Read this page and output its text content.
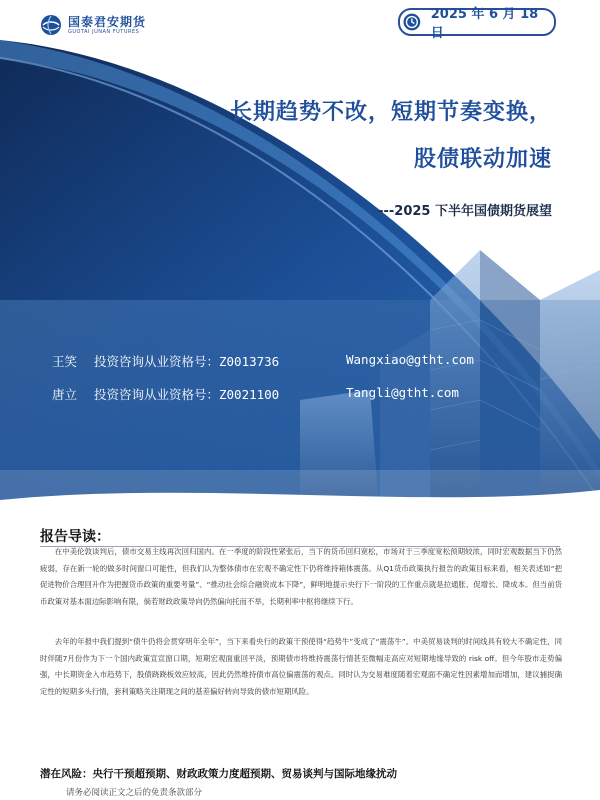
国泰君安期货
GUOTAI JUNAN FUTURES
2025 年 6 月 18 日
长期趋势不改，短期节奏变换，
股债联动加速
---2025 下半年国债期货展望
王笑 投资咨询从业资格号：Z0013736	Wangxiao@gtht.com
唐立 投资咨询从业资格号：Z0021100	Tangli@gtht.com
报告导读：

在中美伦敦谈判后，债市交易主线再次回归国内。在一季度的阶段性紧张后，当下的货币回归宽松，市场对于三季度宽松预期较浓，同时宏观数据当下仍然疲弱，存在新一轮的做多时间窗口可能性，但我们认为整体债市在宏观不确定性下仍将维持箱体震荡。从Q1货币政策执行报告的政策目标来看，相关表述如“把促进物价合理回升作为把握货币政策的重要考量”、“推动社会综合融资成本下降”，鲜明地提示央行下一阶段的工作重点就是拉通胀、促增长、降成本。但当前货币政策对基本面边际影响有限，倘若财政政策导向仍然偏向托而不举，长期利率中枢将继续下行。

去年的年报中我们提到“债牛仍将会贯穿明年全年”，当下来看央行的政策干预使得“趋势牛”变成了“震荡牛”。中美贸易谈判的时间线具有较大不确定性，同时伴随7月份作为下一个国内政策宣宣窗口期，短期宏观面重回平淡，预期债市将维持震荡行情甚至微幅走高应对短期地缘导致的 risk off。但今年股市走势偏强，中长期资金入市趋势下，股债跷跷板效应较高，因此仍然维持债市高位偏震荡的观点。同时认为交易难度随着宏观面不确定性因素增加而增加，建议捕捉确定性的短期多头行情，套利策略关注期现之间的基差偏好转向导致的债市短期风险。

潜在风险：央行干预超预期、财政政策力度超预期、贸易谈判与国际地缘扰动
请务必阅读正文之后的免责条款部分
